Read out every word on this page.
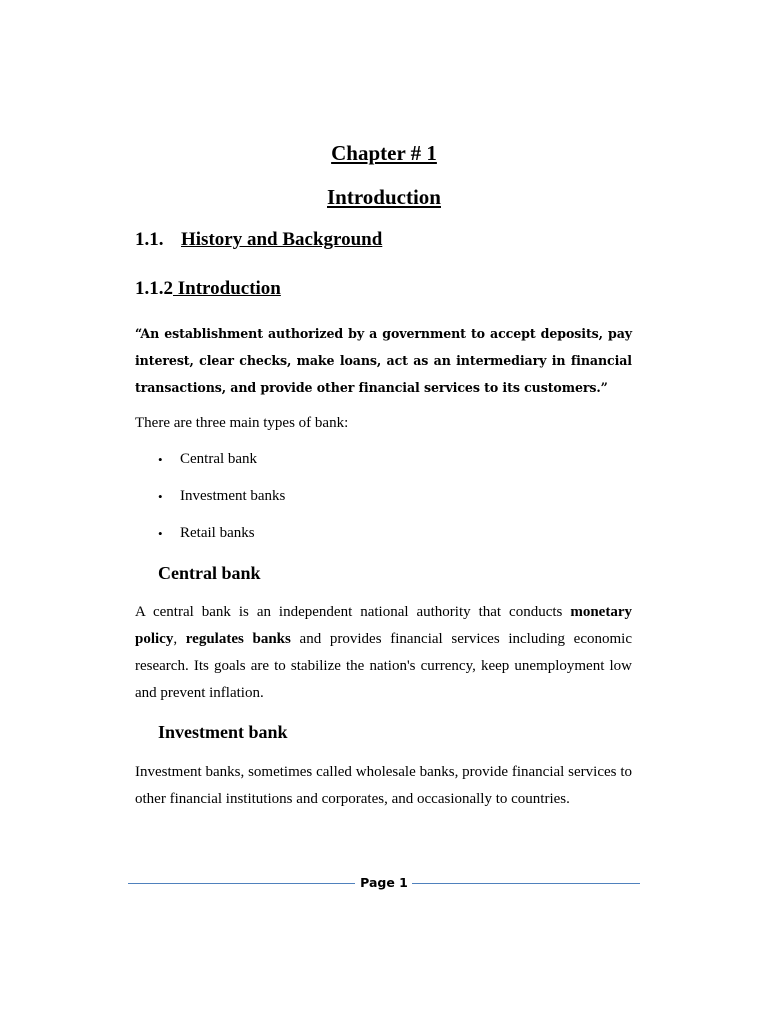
Chapter # 1
Introduction
1.1. History and Background
1.1.2 Introduction

“An establishment authorized by a government to accept deposits, pay interest, clear checks, make loans, act as an intermediary in financial transactions, and provide other financial services to its customers.”

There are three main types of bank:

• Central bank
• Investment banks
• Retail banks
Central bank

A central bank is an independent national authority that conducts monetary policy, regulates banks and provides financial services including economic research. Its goals are to stabilize the nation's currency, keep unemployment low and prevent inflation.

Investment bank

Investment banks, sometimes called wholesale banks, provide financial services to other financial institutions and corporates, and occasionally to countries.

Page 1
